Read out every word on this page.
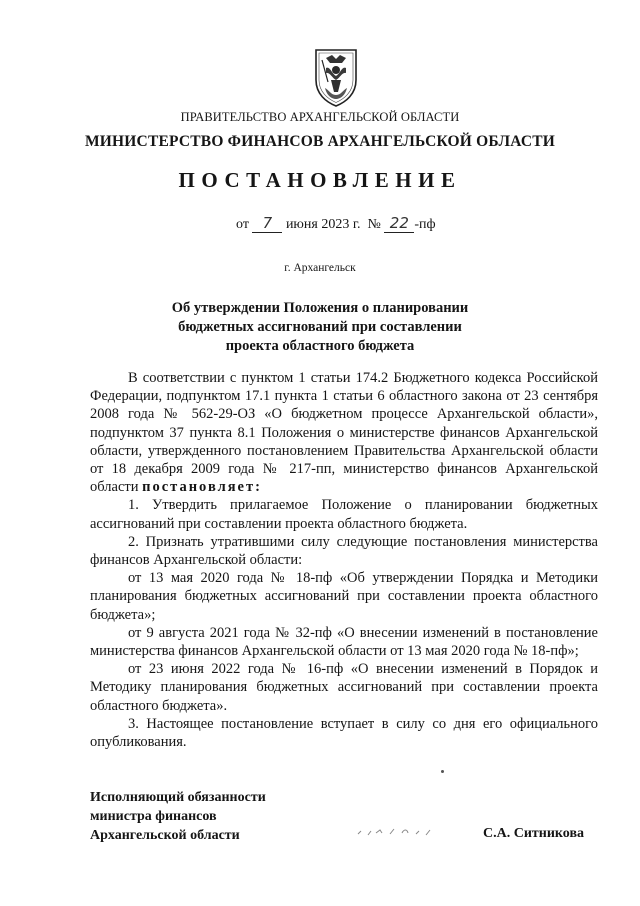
ПРАВИТЕЛЬСТВО АРХАНГЕЛЬСКОЙ ОБЛАСТИ
МИНИСТЕРСТВО ФИНАНСОВ АРХАНГЕЛЬСКОЙ ОБЛАСТИ
ПОСТАНОВЛЕНИЕ
от 7 июня 2023 г. № 22 -пф
г. Архангельск
Об утверждении Положения о планировании
бюджетных ассигнований при составлении
проекта областного бюджета

В соответствии с пунктом 1 статьи 174.2 Бюджетного кодекса Российской Федерации, подпунктом 17.1 пункта 1 статьи 6 областного закона от 23 сентября 2008 года № 562-29-ОЗ «О бюджетном процессе Архангельской области», подпунктом 37 пункта 8.1 Положения о министерстве финансов Архангельской области, утвержденного постановлением Правительства Архангельской области от 18 декабря 2009 года № 217-пп, министерство финансов Архангельской области постановляет:

1. Утвердить прилагаемое Положение о планировании бюджетных ассигнований при составлении проекта областного бюджета.

2. Признать утратившими силу следующие постановления министерства финансов Архангельской области:

от 13 мая 2020 года № 18-пф «Об утверждении Порядка и Методики планирования бюджетных ассигнований при составлении проекта областного бюджета»;

от 9 августа 2021 года № 32-пф «О внесении изменений в постановление министерства финансов Архангельской области от 13 мая 2020 года № 18-пф»;

от 23 июня 2022 года № 16-пф «О внесении изменений в Порядок и Методику планирования бюджетных ассигнований при составлении проекта областного бюджета».

3. Настоящее постановление вступает в силу со дня его официального опубликования.

Исполняющий обязанности
министра финансов
Архангельской области	С.А. Ситникова
